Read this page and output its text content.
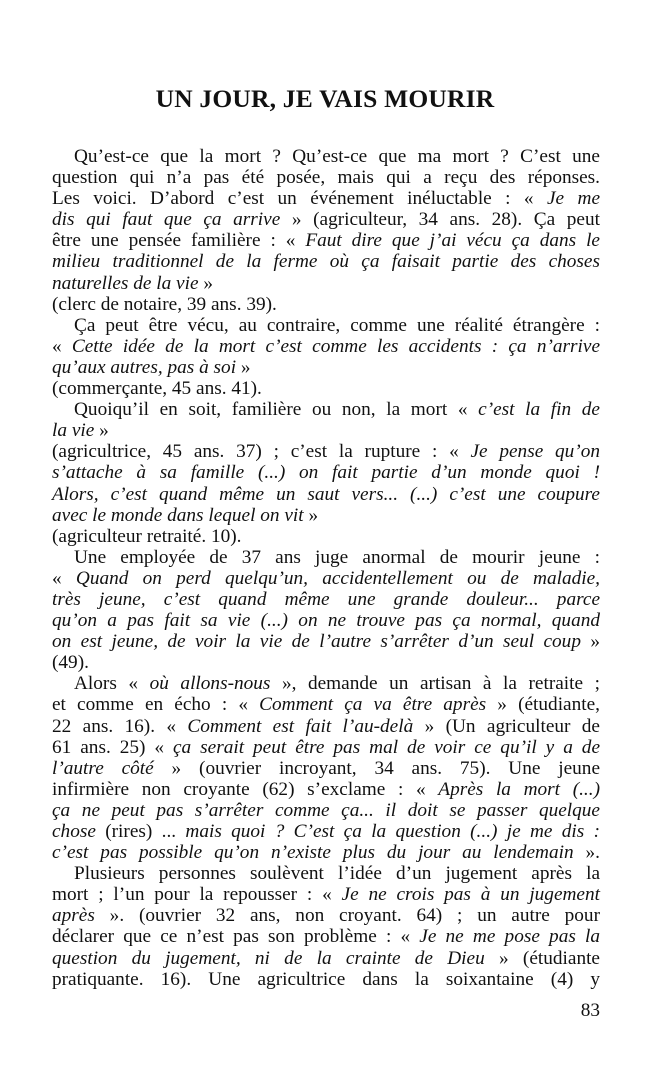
UN JOUR, JE VAIS MOURIR
Qu’est-ce que la mort ? Qu’est-ce que ma mort ? C’est une
question qui n’a pas été posée, mais qui a reçu des réponses.
Les voici. D’abord c’est un événement inéluctable : « Je me
dis qui faut que ça arrive » (agriculteur, 34 ans. 28). Ça peut
être une pensée familière : « Faut dire que j’ai vécu ça dans le
milieu traditionnel de la ferme où ça faisait partie des choses
naturelles de la vie »
(clerc de notaire, 39 ans. 39).
Ça peut être vécu, au contraire, comme une réalité étrangère :
« Cette idée de la mort c’est comme les accidents : ça n’arrive
qu’aux autres, pas à soi »
(commerçante, 45 ans. 41).
Quoiqu’il en soit, familière ou non, la mort « c’est la fin de
la vie »
(agricultrice, 45 ans. 37) ; c’est la rupture : « Je pense qu’on
s’attache à sa famille (...) on fait partie d’un monde quoi !
Alors, c’est quand même un saut vers... (...) c’est une coupure
avec le monde dans lequel on vit »
(agriculteur retraité. 10).
Une employée de 37 ans juge anormal de mourir jeune :
« Quand on perd quelqu’un, accidentellement ou de maladie,
très jeune, c’est quand même une grande douleur... parce
qu’on a pas fait sa vie (...) on ne trouve pas ça normal, quand
on est jeune, de voir la vie de l’autre s’arrêter d’un seul coup »
(49).
Alors « où allons-nous », demande un artisan à la retraite ;
et comme en écho : « Comment ça va être après » (étudiante,
22 ans. 16). « Comment est fait l’au-delà » (Un agriculteur de
61 ans. 25) « ça serait peut être pas mal de voir ce qu’il y a de
l’autre côté » (ouvrier incroyant, 34 ans. 75). Une jeune
infirmière non croyante (62) s’exclame : « Après la mort (...)
ça ne peut pas s’arrêter comme ça... il doit se passer quelque
chose (rires) ... mais quoi ? C’est ça la question (...) je me dis :
c’est pas possible qu’on n’existe plus du jour au lendemain ».
Plusieurs personnes soulèvent l’idée d’un jugement après la
mort ; l’un pour la repousser : « Je ne crois pas à un jugement
après ». (ouvrier 32 ans, non croyant. 64) ; un autre pour
déclarer que ce n’est pas son problème : « Je ne me pose pas la
question du jugement, ni de la crainte de Dieu » (étudiante
pratiquante. 16). Une agricultrice dans la soixantaine (4) y
83
